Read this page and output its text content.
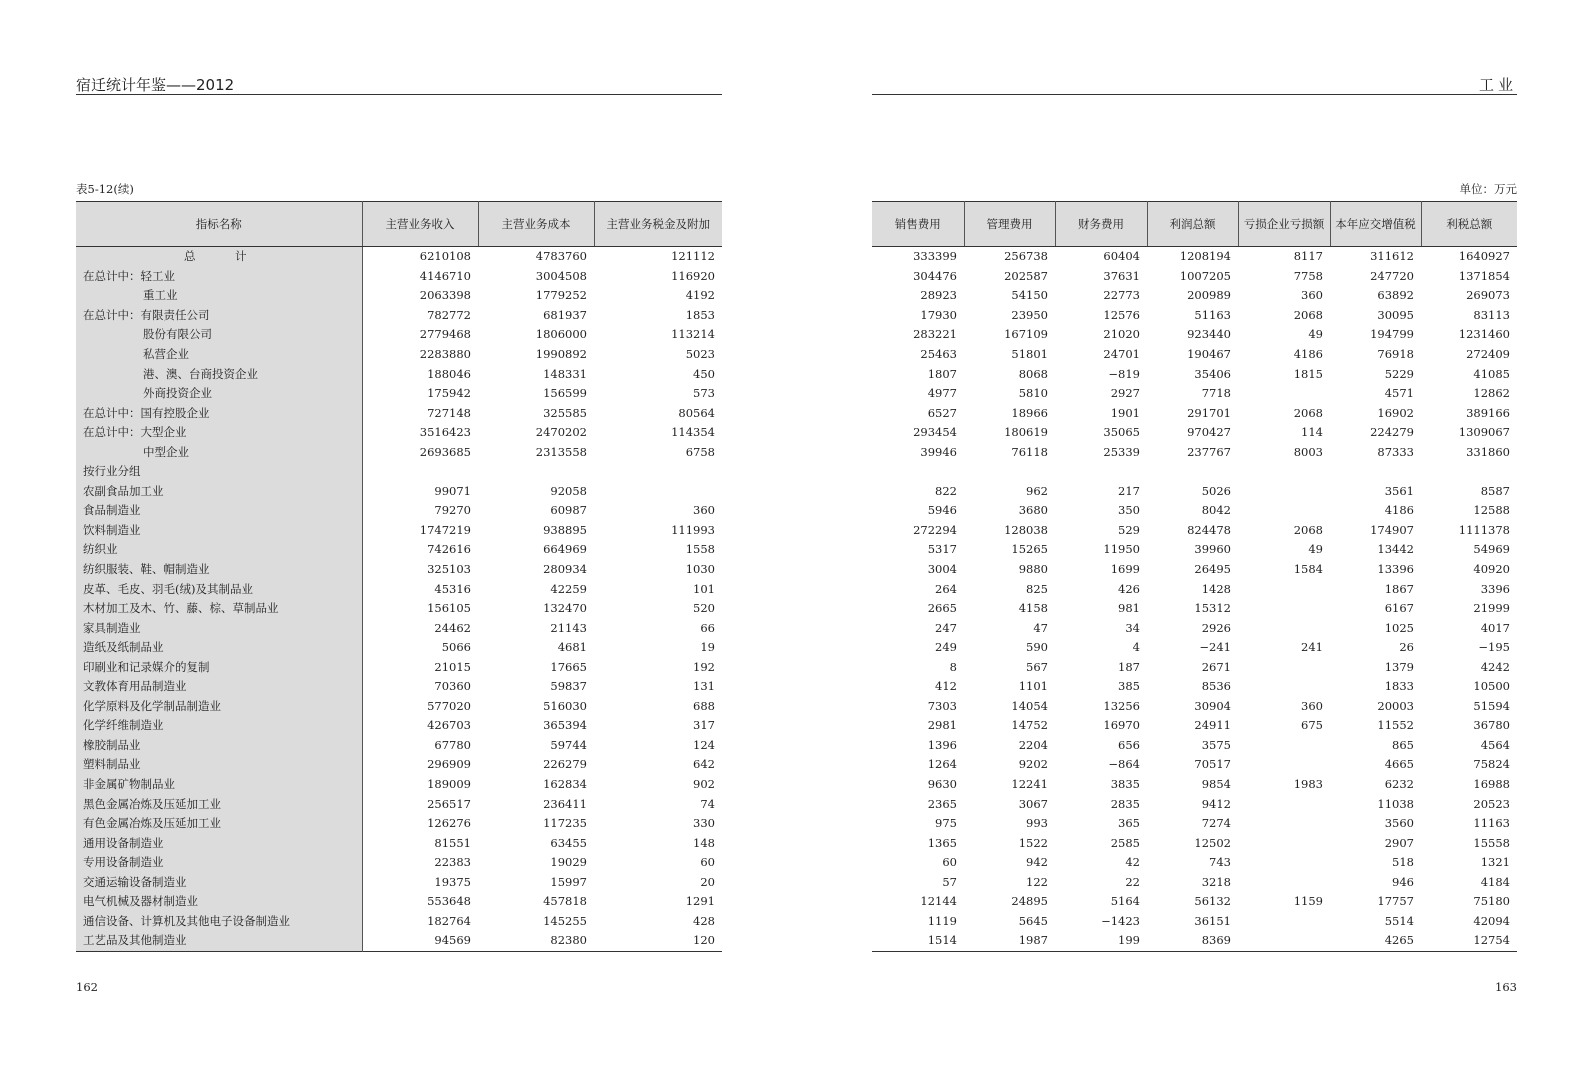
宿迁统计年鉴——2012
表5-12(续)
指标名称	主营业务收入	主营业务成本	主营业务税金及附加
总　计	6210108	4783760	121112
在总计中：轻工业	4146710	3004508	116920
重工业	2063398	1779252	4192
在总计中：有限责任公司	782772	681937	1853
股份有限公司	2779468	1806000	113214
私营企业	2283880	1990892	5023
港、澳、台商投资企业	188046	148331	450
外商投资企业	175942	156599	573
在总计中：国有控股企业	727148	325585	80564
在总计中：大型企业	3516423	2470202	114354
中型企业	2693685	2313558	6758
按行业分组			
农副食品加工业	99071	92058	
食品制造业	79270	60987	360
饮料制造业	1747219	938895	111993
纺织业	742616	664969	1558
纺织服装、鞋、帽制造业	325103	280934	1030
皮革、毛皮、羽毛(绒)及其制品业	45316	42259	101
木材加工及木、竹、藤、棕、草制品业	156105	132470	520
家具制造业	24462	21143	66
造纸及纸制品业	5066	4681	19
印刷业和记录媒介的复制	21015	17665	192
文教体育用品制造业	70360	59837	131
化学原料及化学制品制造业	577020	516030	688
化学纤维制造业	426703	365394	317
橡胶制品业	67780	59744	124
塑料制品业	296909	226279	642
非金属矿物制品业	189009	162834	902
黑色金属冶炼及压延加工业	256517	236411	74
有色金属冶炼及压延加工业	126276	117235	330
通用设备制造业	81551	63455	148
专用设备制造业	22383	19029	60
交通运输设备制造业	19375	15997	20
电气机械及器材制造业	553648	457818	1291
通信设备、计算机及其他电子设备制造业	182764	145255	428
工艺品及其他制造业	94569	82380	120
162
工业
单位：万元
销售费用	管理费用	财务费用	利润总额	亏损企业亏损额	本年应交增值税	利税总额
333399	256738	60404	1208194	8117	311612	1640927
304476	202587	37631	1007205	7758	247720	1371854
28923	54150	22773	200989	360	63892	269073
17930	23950	12576	51163	2068	30095	83113
283221	167109	21020	923440	49	194799	1231460
25463	51801	24701	190467	4186	76918	272409
1807	8068	−819	35406	1815	5229	41085
4977	5810	2927	7718		4571	12862
6527	18966	1901	291701	2068	16902	389166
293454	180619	35065	970427	114	224279	1309067
39946	76118	25339	237767	8003	87333	331860

822	962	217	5026		3561	8587
5946	3680	350	8042		4186	12588
272294	128038	529	824478	2068	174907	1111378
5317	15265	11950	39960	49	13442	54969
3004	9880	1699	26495	1584	13396	40920
264	825	426	1428		1867	3396
2665	4158	981	15312		6167	21999
247	47	34	2926		1025	4017
249	590	4	−241	241	26	−195
8	567	187	2671		1379	4242
412	1101	385	8536		1833	10500
7303	14054	13256	30904	360	20003	51594
2981	14752	16970	24911	675	11552	36780
1396	2204	656	3575		865	4564
1264	9202	−864	70517		4665	75824
9630	12241	3835	9854	1983	6232	16988
2365	3067	2835	9412		11038	20523
975	993	365	7274		3560	11163
1365	1522	2585	12502		2907	15558
60	942	42	743		518	1321
57	122	22	3218		946	4184
12144	24895	5164	56132	1159	17757	75180
1119	5645	−1423	36151		5514	42094
1514	1987	199	8369		4265	12754
163
